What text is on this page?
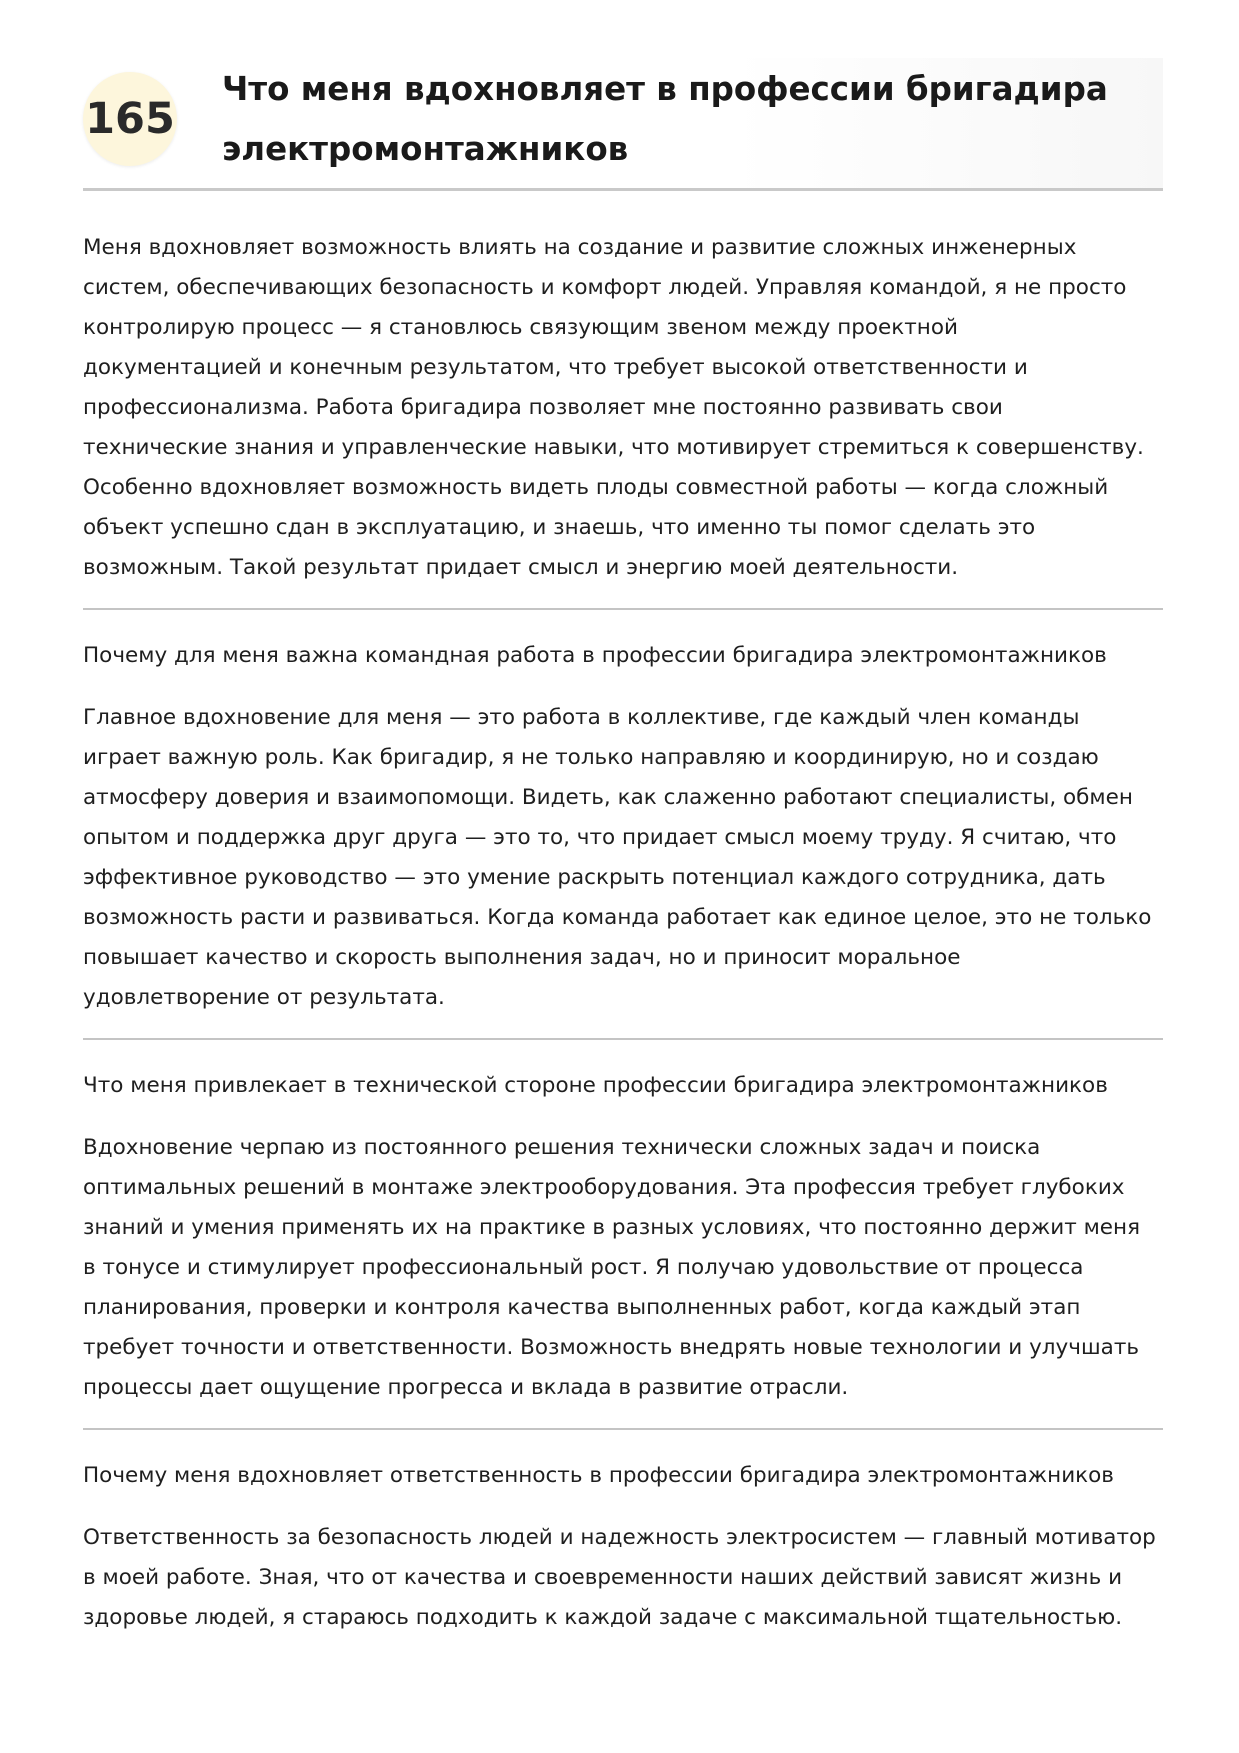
165
Что меня вдохновляет в профессии бригадира
электромонтажников

Меня вдохновляет возможность влиять на создание и развитие сложных инженерных
систем, обеспечивающих безопасность и комфорт людей. Управляя командой, я не просто
контролирую процесс — я становлюсь связующим звеном между проектной
документацией и конечным результатом, что требует высокой ответственности и
профессионализма. Работа бригадира позволяет мне постоянно развивать свои
технические знания и управленческие навыки, что мотивирует стремиться к совершенству.
Особенно вдохновляет возможность видеть плоды совместной работы — когда сложный
объект успешно сдан в эксплуатацию, и знаешь, что именно ты помог сделать это
возможным. Такой результат придает смысл и энергию моей деятельности.

Почему для меня важна командная работа в профессии бригадира электромонтажников

Главное вдохновение для меня — это работа в коллективе, где каждый член команды
играет важную роль. Как бригадир, я не только направляю и координирую, но и создаю
атмосферу доверия и взаимопомощи. Видеть, как слаженно работают специалисты, обмен
опытом и поддержка друг друга — это то, что придает смысл моему труду. Я считаю, что
эффективное руководство — это умение раскрыть потенциал каждого сотрудника, дать
возможность расти и развиваться. Когда команда работает как единое целое, это не только
повышает качество и скорость выполнения задач, но и приносит моральное
удовлетворение от результата.

Что меня привлекает в технической стороне профессии бригадира электромонтажников

Вдохновение черпаю из постоянного решения технически сложных задач и поиска
оптимальных решений в монтаже электрооборудования. Эта профессия требует глубоких
знаний и умения применять их на практике в разных условиях, что постоянно держит меня
в тонусе и стимулирует профессиональный рост. Я получаю удовольствие от процесса
планирования, проверки и контроля качества выполненных работ, когда каждый этап
требует точности и ответственности. Возможность внедрять новые технологии и улучшать
процессы дает ощущение прогресса и вклада в развитие отрасли.

Почему меня вдохновляет ответственность в профессии бригадира электромонтажников

Ответственность за безопасность людей и надежность электросистем — главный мотиватор
в моей работе. Зная, что от качества и своевременности наших действий зависят жизнь и
здоровье людей, я стараюсь подходить к каждой задаче с максимальной тщательностью.
